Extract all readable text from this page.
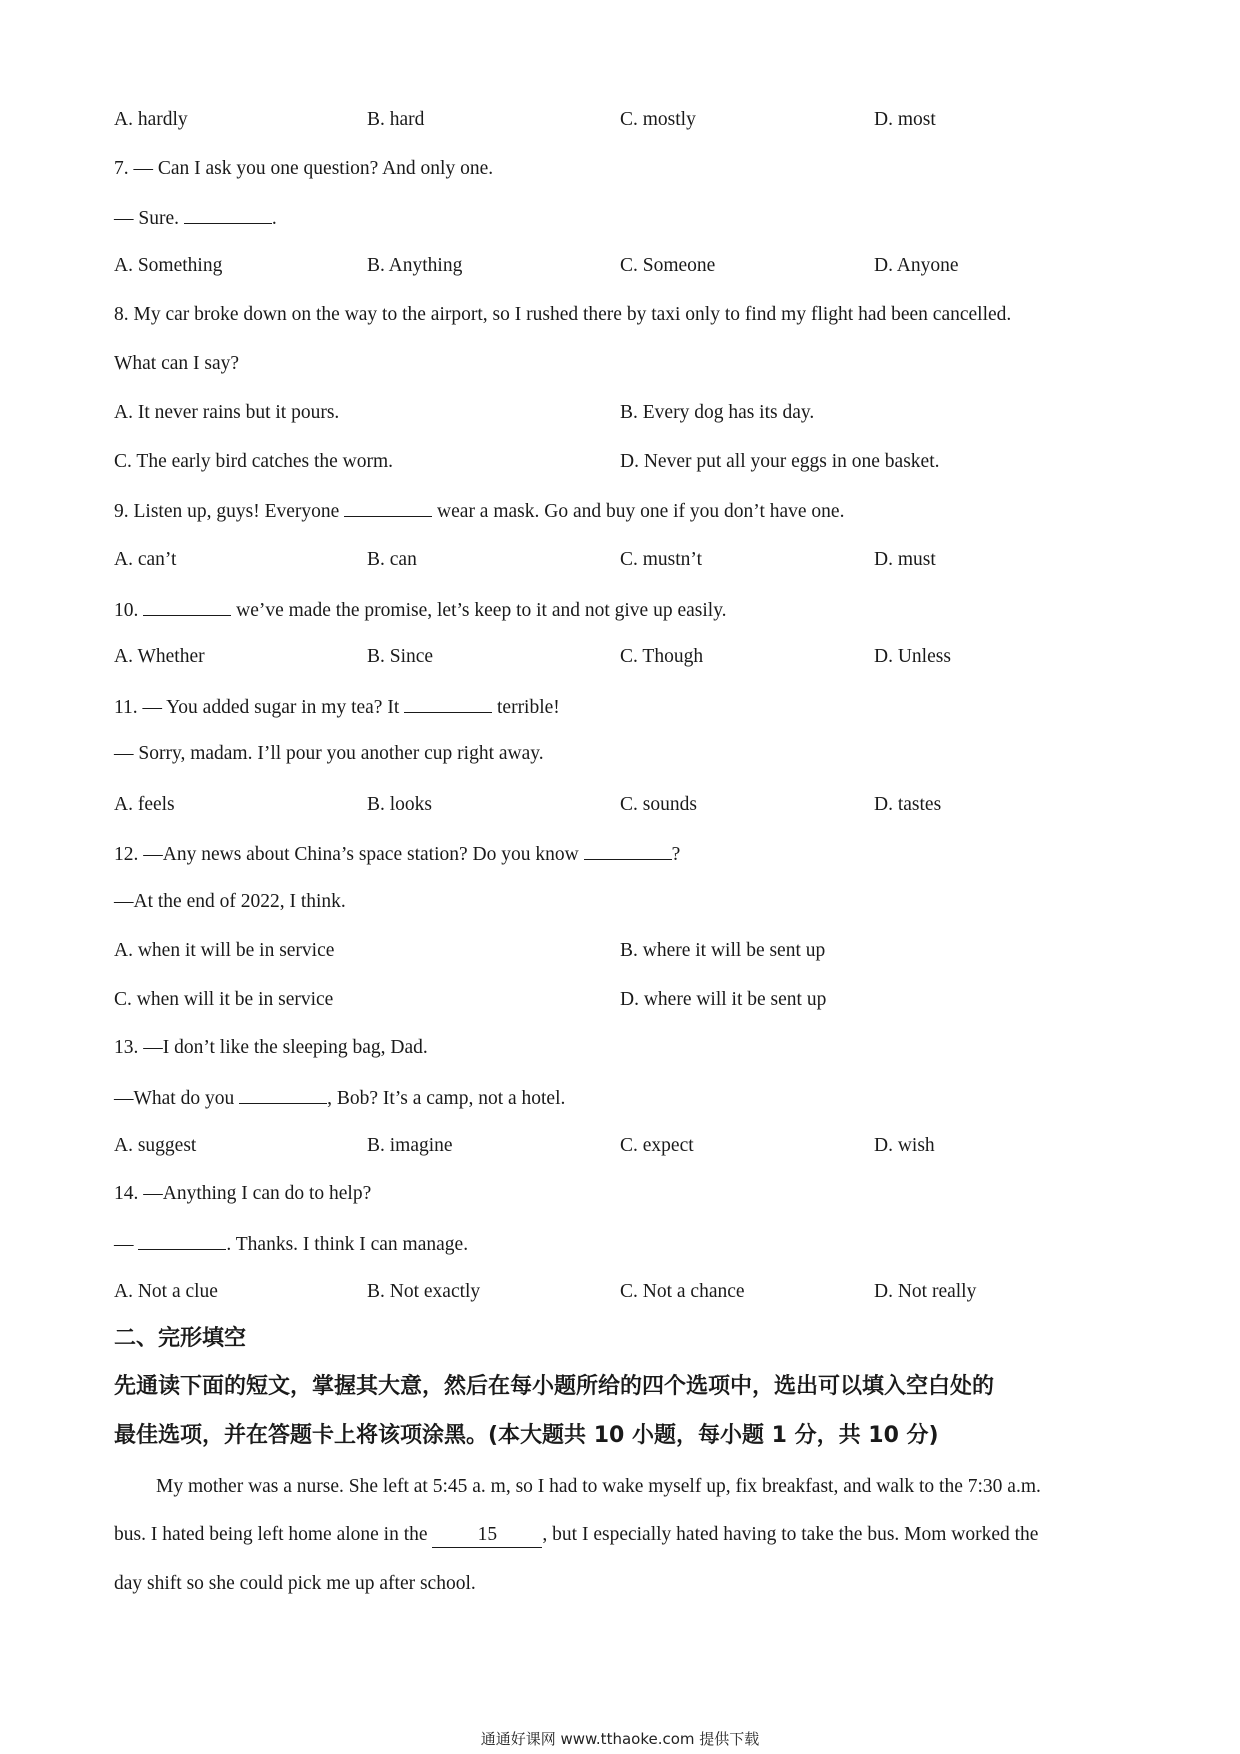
A. hardly	B. hard	C. mostly	D. most
7. — Can I ask you one question? And only one.
— Sure.	.
A. Something	B. Anything	C. Someone	D. Anyone
8. My car broke down on the way to the airport, so I rushed there by taxi only to find my flight had been cancelled.
What can I say?
A. It never rains but it pours.	B. Every dog has its day.
C. The early bird catches the worm.	D. Never put all your eggs in one basket.
9. Listen up, guys! Everyone	wear a mask. Go and buy one if you don’t have one.
A. can’t	B. can	C. mustn’t	D. must
10.	we’ve made the promise, let’s keep to it and not give up easily.
A. Whether	B. Since	C. Though	D. Unless
11. — You added sugar in my tea? It	terrible!
— Sorry, madam. I’ll pour you another cup right away.
A. feels	B. looks	C. sounds	D. tastes
12. —Any news about China’s space station? Do you know	?
—At the end of 2022, I think.
A. when it will be in service	B. where it will be sent up
C. when will it be in service	D. where will it be sent up
13. —I don’t like the sleeping bag, Dad.
—What do you	, Bob? It’s a camp, not a hotel.
A. suggest	B. imagine	C. expect	D. wish
14. —Anything I can do to help?
—	. Thanks. I think I can manage.
A. Not a clue	B. Not exactly	C. Not a chance	D. Not really
二、完形填空
先通读下面的短文，掌握其大意，然后在每小题所给的四个选项中，选出可以填入空白处的
最佳选项，并在答题卡上将该项涂黑。(本大题共 10 小题，每小题 1 分，共 10 分)
My mother was a nurse. She left at 5:45 a. m, so I had to wake myself up, fix breakfast, and walk to the 7:30 a.m.
bus. I hated being left home alone in the 15 , but I especially hated having to take the bus. Mom worked the
day shift so she could pick me up after school.
通通好课网 www.tthaoke.com 提供下载
